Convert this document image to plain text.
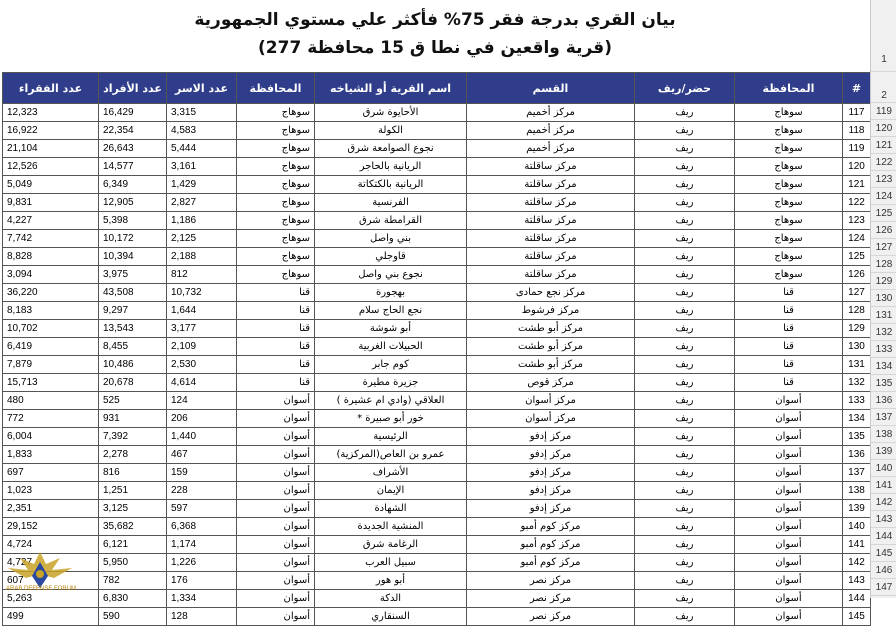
بيان القري بدرجة فقر 75% فأكثر علي مستوي الجمهورية
(277 قرية واقعين في نطا ق 15 محافظة)
#	المحافظة	حضر/ريف	القسم	اسم القرية أو الشياخه	المحافظة	عدد الاسر	عدد الأفراد	عدد الفقراء
117	سوهاج	ريف	مركز أخميم	الأحايوة شرق	سوهاج	3,315	16,429	12,323
118	سوهاج	ريف	مركز أخميم	الكولة	سوهاج	4,583	22,354	16,922
119	سوهاج	ريف	مركز أخميم	نجوع الصوامعة شرق	سوهاج	5,444	26,643	21,104
120	سوهاج	ريف	مركز ساقلتة	الريانية بالحاجر	سوهاج	3,161	14,577	12,526
121	سوهاج	ريف	مركز ساقلتة	الريانية بالكتكاتة	سوهاج	1,429	6,349	5,049
122	سوهاج	ريف	مركز ساقلتة	الفرنسية	سوهاج	2,827	12,905	9,831
123	سوهاج	ريف	مركز ساقلتة	القرامطة شرق	سوهاج	1,186	5,398	4,227
124	سوهاج	ريف	مركز ساقلتة	بني واصل	سوهاج	2,125	10,172	7,742
125	سوهاج	ريف	مركز ساقلتة	قاوجلي	سوهاج	2,188	10,394	8,828
126	سوهاج	ريف	مركز ساقلتة	نجوع بني واصل	سوهاج	812	3,975	3,094
127	قنا	ريف	مركز نجع حمادى	بهجورة	قنا	10,732	43,508	36,220
128	قنا	ريف	مركز فرشوط	نجع الحاج سلام	قنا	1,644	9,297	8,183
129	قنا	ريف	مركز أبو طشت	أبو شوشة	قنا	3,177	13,543	10,702
130	قنا	ريف	مركز أبو طشت	الحبيلات الغربية	قنا	2,109	8,455	6,419
131	قنا	ريف	مركز أبو طشت	كوم جابر	قنا	2,530	10,486	7,879
132	قنا	ريف	مركز قوص	جزيرة مطيرة	قنا	4,614	20,678	15,713
133	أسوان	ريف	مركز أسوان	العلاقي (وادي ام عشيرة )	أسوان	124	525	480
134	أسوان	ريف	مركز أسوان	خور أبو صبيرة *	أسوان	206	931	772
135	أسوان	ريف	مركز إدفو	الرئيسية	أسوان	1,440	7,392	6,004
136	أسوان	ريف	مركز إدفو	عمرو بن العاص(المركزية)	أسوان	467	2,278	1,833
137	أسوان	ريف	مركز إدفو	الأشراف	أسوان	159	816	697
138	أسوان	ريف	مركز إدفو	الإيمان	أسوان	228	1,251	1,023
139	أسوان	ريف	مركز إدفو	الشهادة	أسوان	597	3,125	2,351
140	أسوان	ريف	مركز كوم أمبو	المنشية الجديدة	أسوان	6,368	35,682	29,152
141	أسوان	ريف	مركز كوم أمبو	الرغامة شرق	أسوان	1,174	6,121	4,724
142	أسوان	ريف	مركز كوم أمبو	سبيل العرب	أسوان	1,226	5,950	4,727
143	أسوان	ريف	مركز نصر	أبو هور	أسوان	176	782	607
144	أسوان	ريف	مركز نصر	الدكة	أسوان	1,334	6,830	5,263
145	أسوان	ريف	مركز نصر	السنقاري	أسوان	128	590	499
1
2
119
120
121
122
123
124
125
126
127
128
129
130
131
132
133
134
135
136
137
138
139
140
141
142
143
144
145
146
147
ARAB DEFENSE FORUM
